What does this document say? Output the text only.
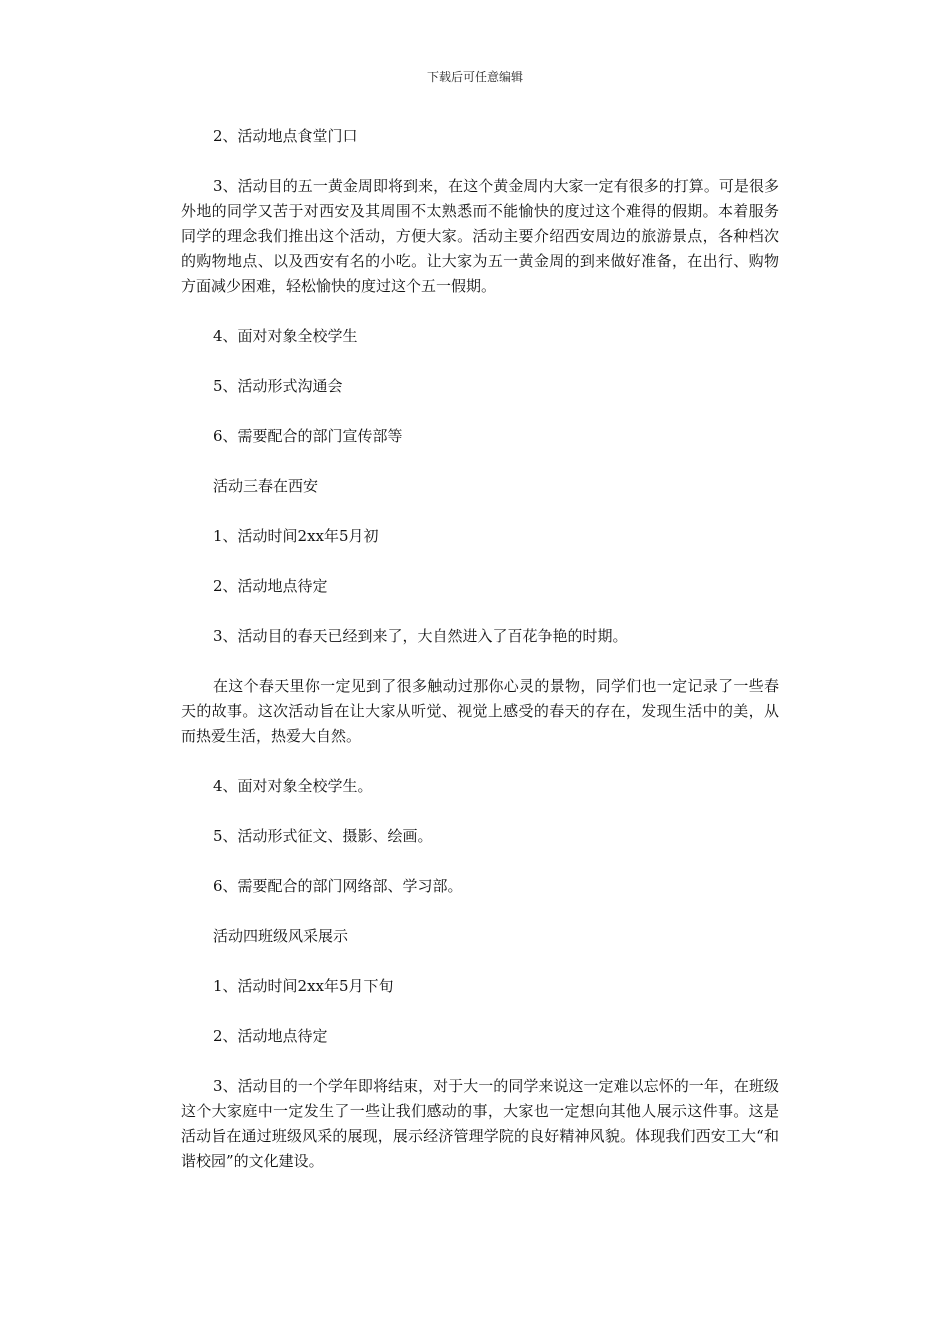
下载后可任意编辑

2、活动地点食堂门口

3、活动目的五一黄金周即将到来，在这个黄金周内大家一定有很多的打算。可是很多外地的同学又苦于对西安及其周围不太熟悉而不能愉快的度过这个难得的假期。本着服务同学的理念我们推出这个活动，方便大家。活动主要介绍西安周边的旅游景点，各种档次的购物地点、以及西安有名的小吃。让大家为五一黄金周的到来做好准备，在出行、购物方面减少困难，轻松愉快的度过这个五一假期。

4、面对对象全校学生

5、活动形式沟通会

6、需要配合的部门宣传部等

活动三春在西安

1、活动时间2xx年5月初

2、活动地点待定

3、活动目的春天已经到来了，大自然进入了百花争艳的时期。

在这个春天里你一定见到了很多触动过那你心灵的景物，同学们也一定记录了一些春天的故事。这次活动旨在让大家从听觉、视觉上感受的春天的存在，发现生活中的美，从而热爱生活，热爱大自然。

4、面对对象全校学生。

5、活动形式征文、摄影、绘画。

6、需要配合的部门网络部、学习部。

活动四班级风采展示

1、活动时间2xx年5月下旬

2、活动地点待定

3、活动目的一个学年即将结束，对于大一的同学来说这一定难以忘怀的一年，在班级这个大家庭中一定发生了一些让我们感动的事，大家也一定想向其他人展示这件事。这是活动旨在通过班级风采的展现，展示经济管理学院的良好精神风貌。体现我们西安工大“和谐校园”的文化建设。
